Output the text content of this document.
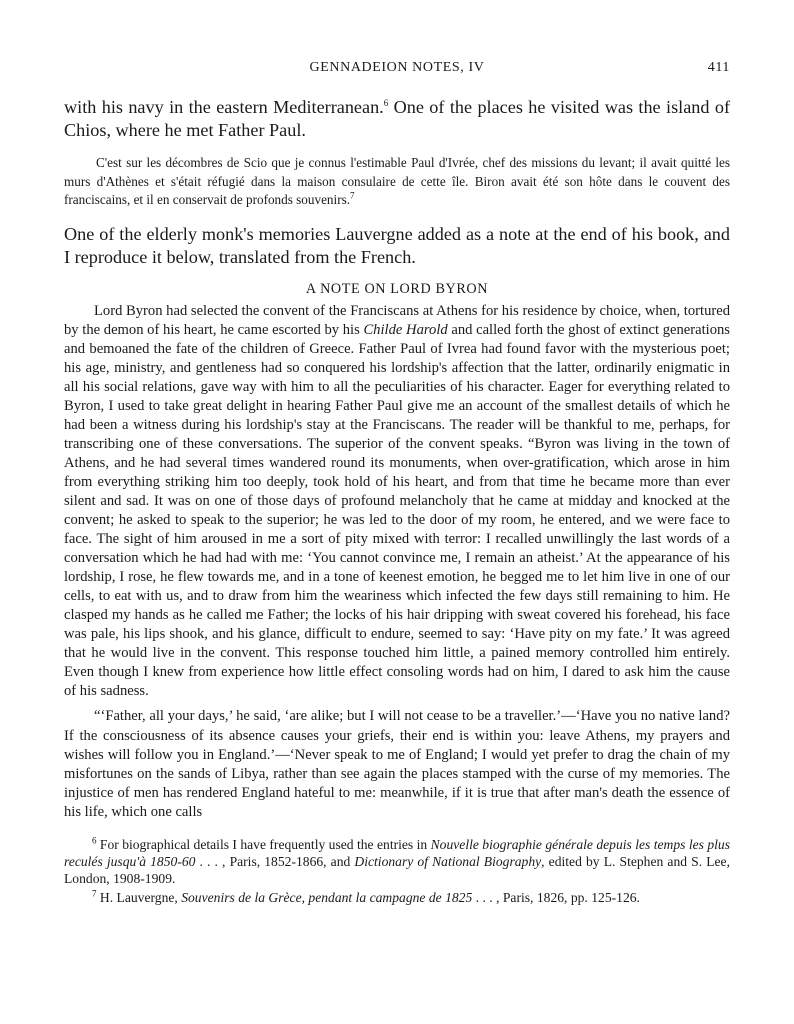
GENNADEION NOTES, IV	411

with his navy in the eastern Mediterranean.$^6$ One of the places he visited was the island of Chios, where he met Father Paul.

C'est sur les décombres de Scio que je connus l'estimable Paul d'Ivrée, chef des missions du levant; il avait quitté les murs d'Athènes et s'était réfugié dans la maison consulaire de cette île. Biron avait été son hôte dans le couvent des franciscains, et il en conservait de profonds souvenirs.$^7$

One of the elderly monk's memories Lauvergne added as a note at the end of his book, and I reproduce it below, translated from the French.

A NOTE ON LORD BYRON

Lord Byron had selected the convent of the Franciscans at Athens for his residence by choice, when, tortured by the demon of his heart, he came escorted by his Childe Harold and called forth the ghost of extinct generations and bemoaned the fate of the children of Greece. Father Paul of Ivrea had found favor with the mysterious poet; his age, ministry, and gentleness had so conquered his lordship's affection that the latter, ordinarily enigmatic in all his social relations, gave way with him to all the peculiarities of his character. Eager for everything related to Byron, I used to take great delight in hearing Father Paul give me an account of the smallest details of which he had been a witness during his lordship's stay at the Franciscans. The reader will be thankful to me, perhaps, for transcribing one of these conversations. The superior of the convent speaks. “Byron was living in the town of Athens, and he had several times wandered round its monuments, when over-gratification, which arose in him from everything striking him too deeply, took hold of his heart, and from that time he became more than ever silent and sad. It was on one of those days of profound melancholy that he came at midday and knocked at the convent; he asked to speak to the superior; he was led to the door of my room, he entered, and we were face to face. The sight of him aroused in me a sort of pity mixed with terror: I recalled unwillingly the last words of a conversation which he had had with me: ‘You cannot convince me, I remain an atheist.’ At the appearance of his lordship, I rose, he flew towards me, and in a tone of keenest emotion, he begged me to let him live in one of our cells, to eat with us, and to draw from him the weariness which infected the few days still remaining to him. He clasped my hands as he called me Father; the locks of his hair dripping with sweat covered his forehead, his face was pale, his lips shook, and his glance, difficult to endure, seemed to say: ‘Have pity on my fate.’ It was agreed that he would live in the convent. This response touched him little, a pained memory controlled him entirely. Even though I knew from experience how little effect consoling words had on him, I dared to ask him the cause of his sadness.

“‘Father, all your days,’ he said, ‘are alike; but I will not cease to be a traveller.’—‘Have you no native land? If the consciousness of its absence causes your griefs, their end is within you: leave Athens, my prayers and wishes will follow you in England.’—‘Never speak to me of England; I would yet prefer to drag the chain of my misfortunes on the sands of Libya, rather than see again the places stamped with the curse of my memories. The injustice of men has rendered England hateful to me: meanwhile, if it is true that after man's death the essence of his life, which one calls

$^6$ For biographical details I have frequently used the entries in Nouvelle biographie générale depuis les temps les plus reculés jusqu'à 1850-60 . . . , Paris, 1852-1866, and Dictionary of National Biography, edited by L. Stephen and S. Lee, London, 1908-1909.

$^7$ H. Lauvergne, Souvenirs de la Grèce, pendant la campagne de 1825 . . . , Paris, 1826, pp. 125-126.
